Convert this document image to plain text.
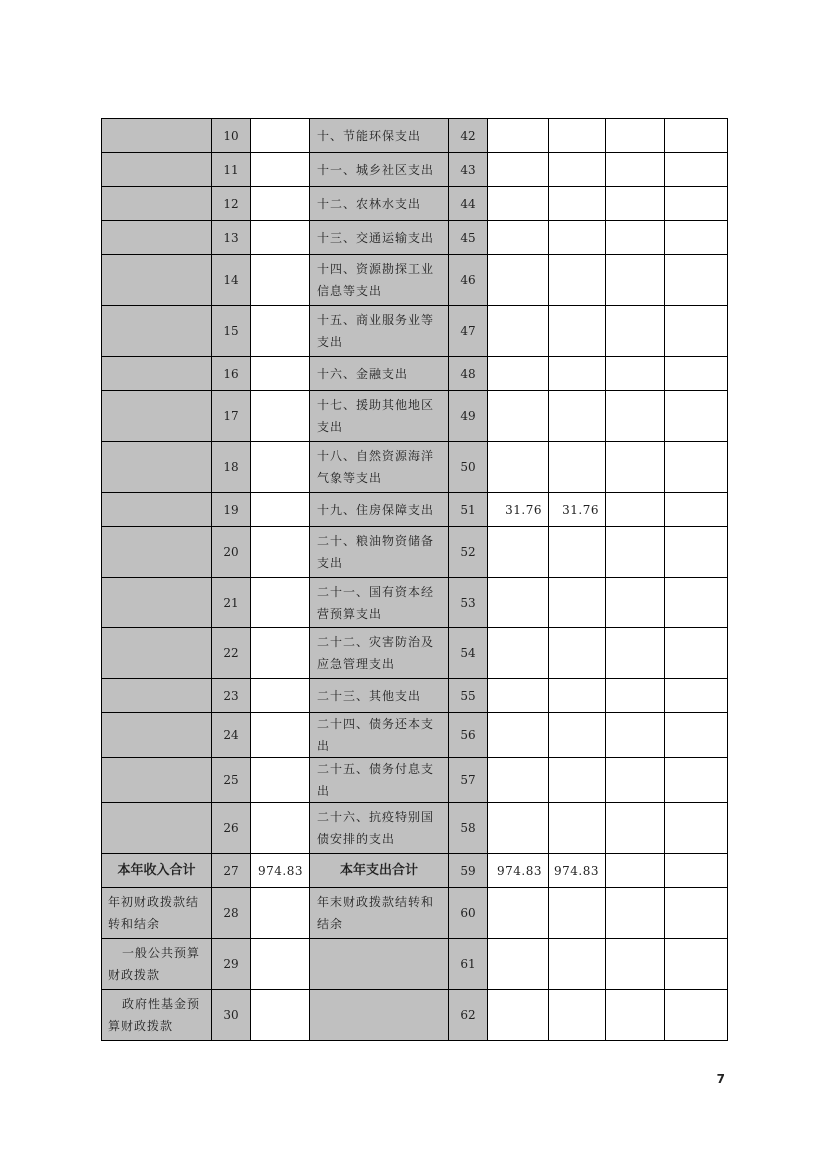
	10		十、节能环保支出	42				
	11		十一、城乡社区支出	43				
	12		十二、农林水支出	44				
	13		十三、交通运输支出	45				
	14		十四、资源勘探工业信息等支出	46				
	15		十五、商业服务业等支出	47				
	16		十六、金融支出	48				
	17		十七、援助其他地区支出	49				
	18		十八、自然资源海洋气象等支出	50				
	19		十九、住房保障支出	51	31.76	31.76		
	20		二十、粮油物资储备支出	52				
	21		二十一、国有资本经营预算支出	53				
	22		二十二、灾害防治及应急管理支出	54				
	23		二十三、其他支出	55				
	24		二十四、债务还本支出	56				
	25		二十五、债务付息支出	57				
	26		二十六、抗疫特别国债安排的支出	58				
本年收入合计	27	974.83	本年支出合计	59	974.83	974.83		
年初财政拨款结转和结余	28		年末财政拨款结转和结余	60				
一般公共预算财政拨款	29			61				
政府性基金预算财政拨款	30			62				
7
